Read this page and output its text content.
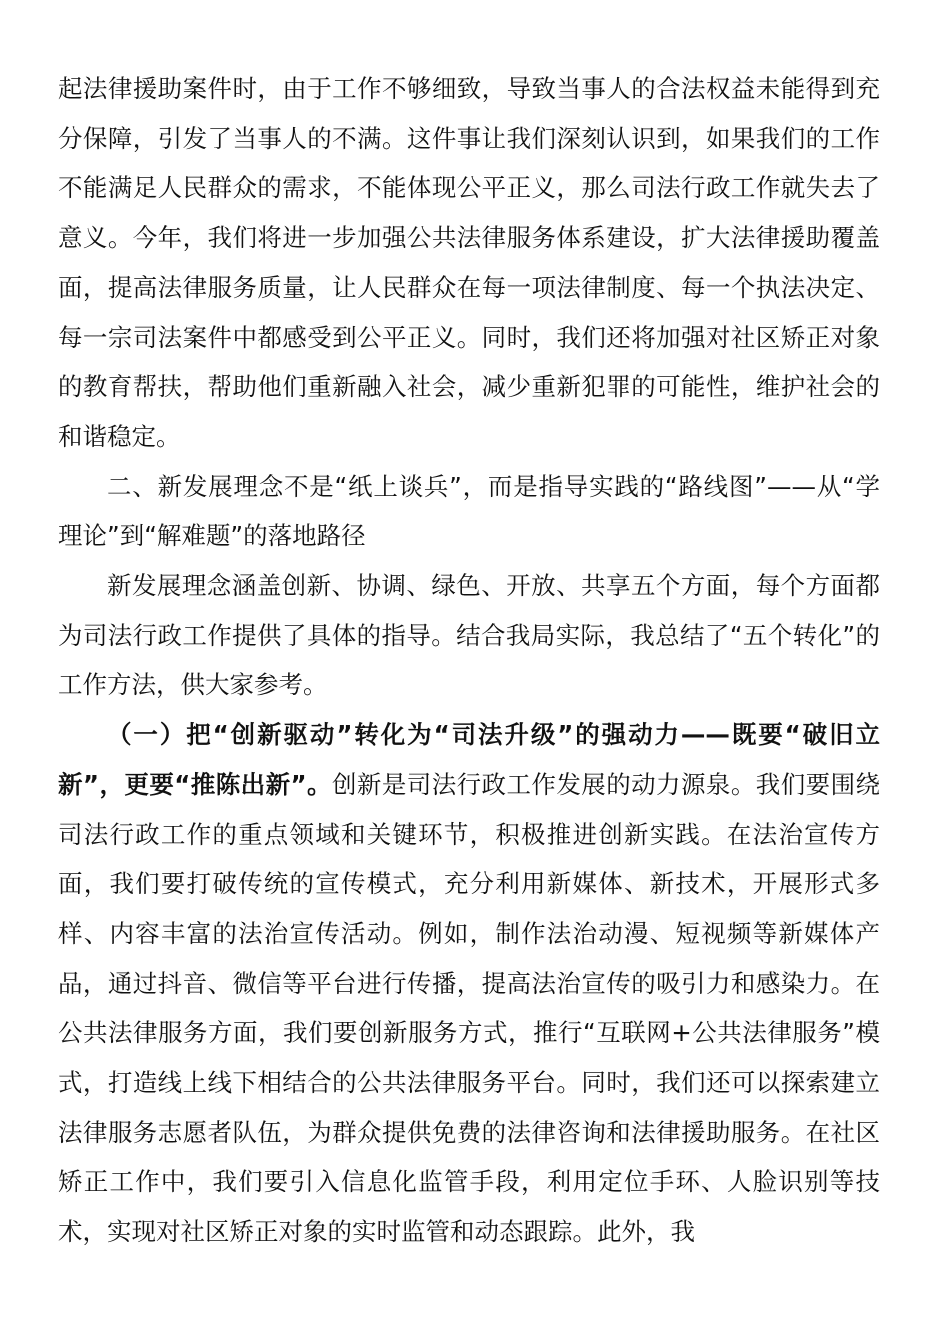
起法律援助案件时，由于工作不够细致，导致当事人的合法权益未能得到充分保障，引发了当事人的不满。这件事让我们深刻认识到，如果我们的工作不能满足人民群众的需求，不能体现公平正义，那么司法行政工作就失去了意义。今年，我们将进一步加强公共法律服务体系建设，扩大法律援助覆盖面，提高法律服务质量，让人民群众在每一项法律制度、每一个执法决定、每一宗司法案件中都感受到公平正义。同时，我们还将加强对社区矫正对象的教育帮扶，帮助他们重新融入社会，减少重新犯罪的可能性，维护社会的和谐稳定。

二、新发展理念不是“纸上谈兵”，而是指导实践的“路线图”——从“学理论”到“解难题”的落地路径

新发展理念涵盖创新、协调、绿色、开放、共享五个方面，每个方面都为司法行政工作提供了具体的指导。结合我局实际，我总结了“五个转化”的工作方法，供大家参考。

（一）把“创新驱动”转化为“司法升级”的强动力——既要“破旧立新”，更要“推陈出新”。创新是司法行政工作发展的动力源泉。我们要围绕司法行政工作的重点领域和关键环节，积极推进创新实践。在法治宣传方面，我们要打破传统的宣传模式，充分利用新媒体、新技术，开展形式多样、内容丰富的法治宣传活动。例如，制作法治动漫、短视频等新媒体产品，通过抖音、微信等平台进行传播，提高法治宣传的吸引力和感染力。在公共法律服务方面，我们要创新服务方式，推行“互联网+公共法律服务”模式，打造线上线下相结合的公共法律服务平台。同时，我们还可以探索建立法律服务志愿者队伍，为群众提供免费的法律咨询和法律援助服务。在社区矫正工作中，我们要引入信息化监管手段，利用定位手环、人脸识别等技术，实现对社区矫正对象的实时监管和动态跟踪。此外，我
